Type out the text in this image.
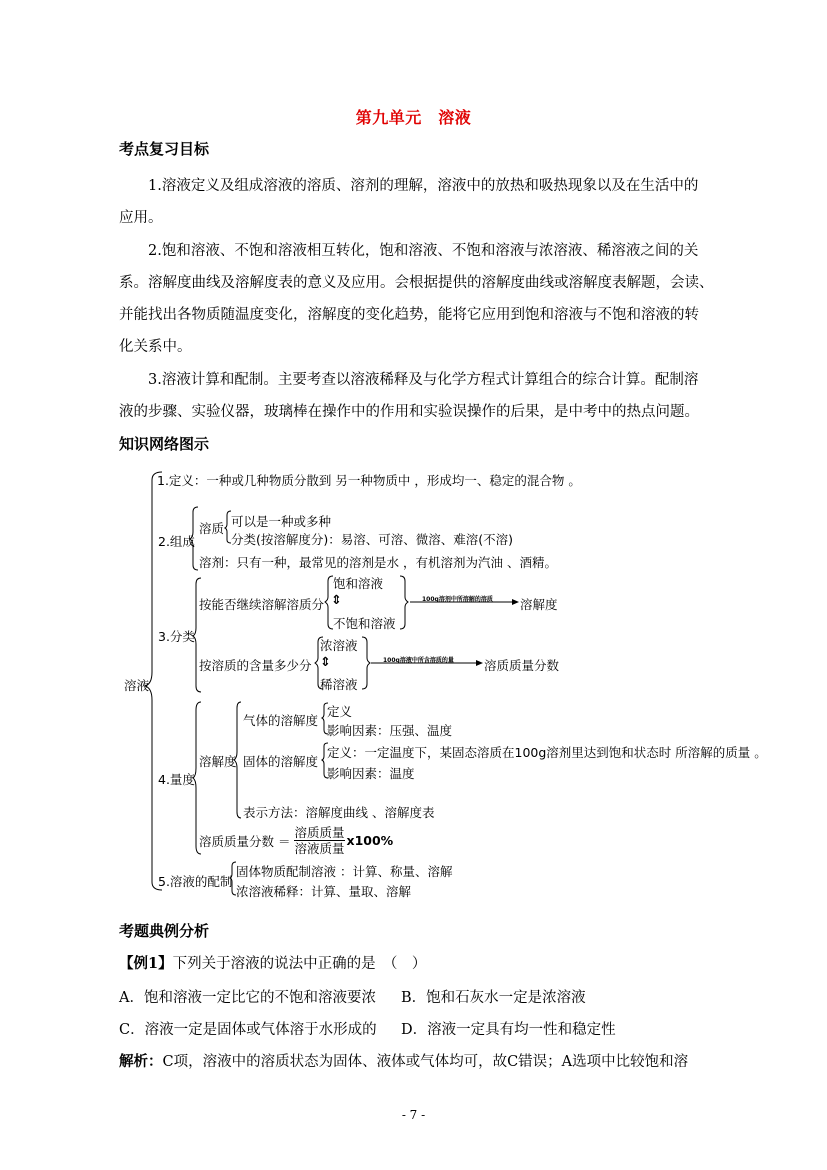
第九单元　溶液
考点复习目标
1.溶液定义及组成溶液的溶质、溶剂的理解，溶液中的放热和吸热现象以及在生活中的
应用。
2.饱和溶液、不饱和溶液相互转化，饱和溶液、不饱和溶液与浓溶液、稀溶液之间的关
系。溶解度曲线及溶解度表的意义及应用。会根据提供的溶解度曲线或溶解度表解题，会读、
并能找出各物质随温度变化，溶解度的变化趋势，能将它应用到饱和溶液与不饱和溶液的转
化关系中。
3.溶液计算和配制。主要考查以溶液稀释及与化学方程式计算组合的综合计算。配制溶
液的步骤、实验仪器，玻璃棒在操作中的作用和实验误操作的后果，是中考中的热点问题。
知识网络图示
溶液
1.定义：一种或几种物质分散到 另一种物质中 ，形成均一、稳定的混合物 。
2.组成
溶质 可以是一种或多种
分类(按溶解度分)：易溶、可溶、微溶、难溶(不溶)
溶剂：只有一种，最常见的溶剂是水 ，有机溶剂为汽油 、酒精。
3.分类
按能否继续溶解溶质分
饱和溶液
⇕
不饱和溶液
100g溶剂中所溶解的溶质 溶解度
按溶质的含量多少分
浓溶液
⇕
稀溶液
100g溶液中所含溶质的量 溶质质量分数
4.量度
溶解度
气体的溶解度
定义
影响因素：压强、温度
固体的溶解度
定义：一定温度下，某固态溶质在100g溶剂里达到饱和状态时 所溶解的质量 。
影响因素：温度
表示方法：溶解度曲线 、溶解度表
溶质质量分数 ＝ $\frac{\text{溶质质量}}{\text{溶液质量}} x100\%$
5.溶液的配制
固体物质配制溶液 ：计算、称量、溶解
浓溶液稀释：计算、量取、溶解
考题典例分析
【例1】下列关于溶液的说法中正确的是　（　）
A．饱和溶液一定比它的不饱和溶液要浓 B．饱和石灰水一定是浓溶液
C．溶液一定是固体或气体溶于水形成的 D．溶液一定具有均一性和稳定性
解析：C项，溶液中的溶质状态为固体、液体或气体均可，故C错误；A选项中比较饱和溶
- 7 -
